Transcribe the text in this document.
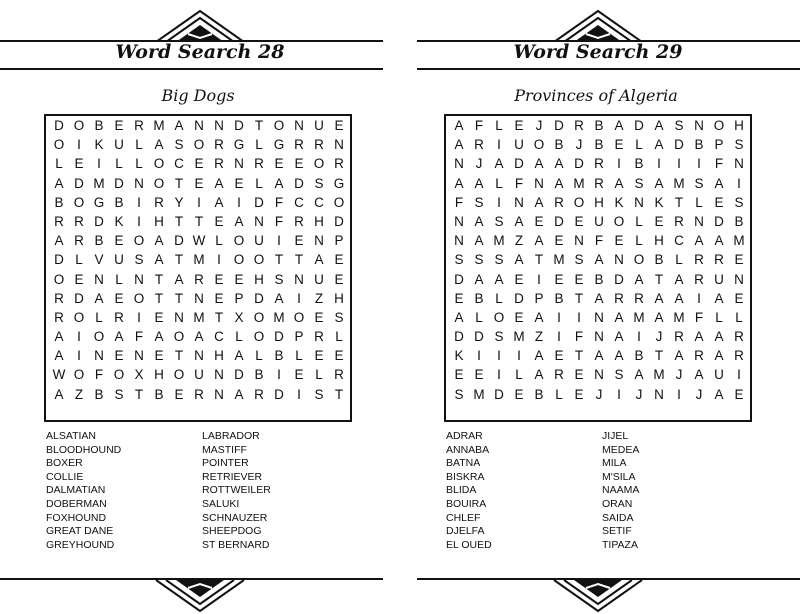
Word Search 28	Word Search 29
Big Dogs	Provinces of Algeria
D O B E R M A N N D T O N U E
O I	K U L A S O R G L G R R N
L E	I	L L O C E R N R E E O R
A D M D N O T E A E L A D S G
B O G B	I R Y	I	A	I D F C C O
R R D K	I H T T E A N F R H D
A R B E O A D W L O U I	E N P
D L V U S A T M I O O T T A E
O E N L N T A R E E H S N U E
R D A E O T T N E P D A	I	Z H
R O L R I	E N M T X O M O E S
A	I O A F A O A C L O D P R L
A	I N E N E T N H A L B L E E
W O F O X H O U N D B	I	E L R
A Z B S T B E R N A R D I	S T
A F L E J D R B A D A S N O H
A R I U O B J B E L A D B P S
N J A D A A D R I	B	I	I	I	F N
A A L F N A M R A S A M S A	I
F S	I N A R O H K N K T L E S
N A S A E D E U O L E R N D B
N A M Z A E N F E L H C A A M
S S S A T M S A N O B L R R E
D A A E	I	E E B D A T A R U N
E B L D P B T A R R A A	I	A E
A L O E A	I	I N A M A M F L L
D D S M Z	I	F N A	I	J R A A R
K	I	I	I	A E T A A B T A R A R
E E	I	L A R E N S A M J A U I
S M D E B L E J	I	J N I	J A E
ALSATIAN	LABRADOR
BLOODHOUND	MASTIFF
BOXER	POINTER
COLLIE	RETRIEVER
DALMATIAN	ROTTWEILER
DOBERMAN	SALUKI
FOXHOUND	SCHNAUZER
GREAT DANE	SHEEPDOG
GREYHOUND	ST BERNARD
ADRAR	JIJEL
ANNABA	MEDEA
BATNA	MILA
BISKRA	M'SILA
BLIDA	NAAMA
BOUIRA	ORAN
CHLEF	SAIDA
DJELFA	SETIF
EL OUED	TIPAZA
